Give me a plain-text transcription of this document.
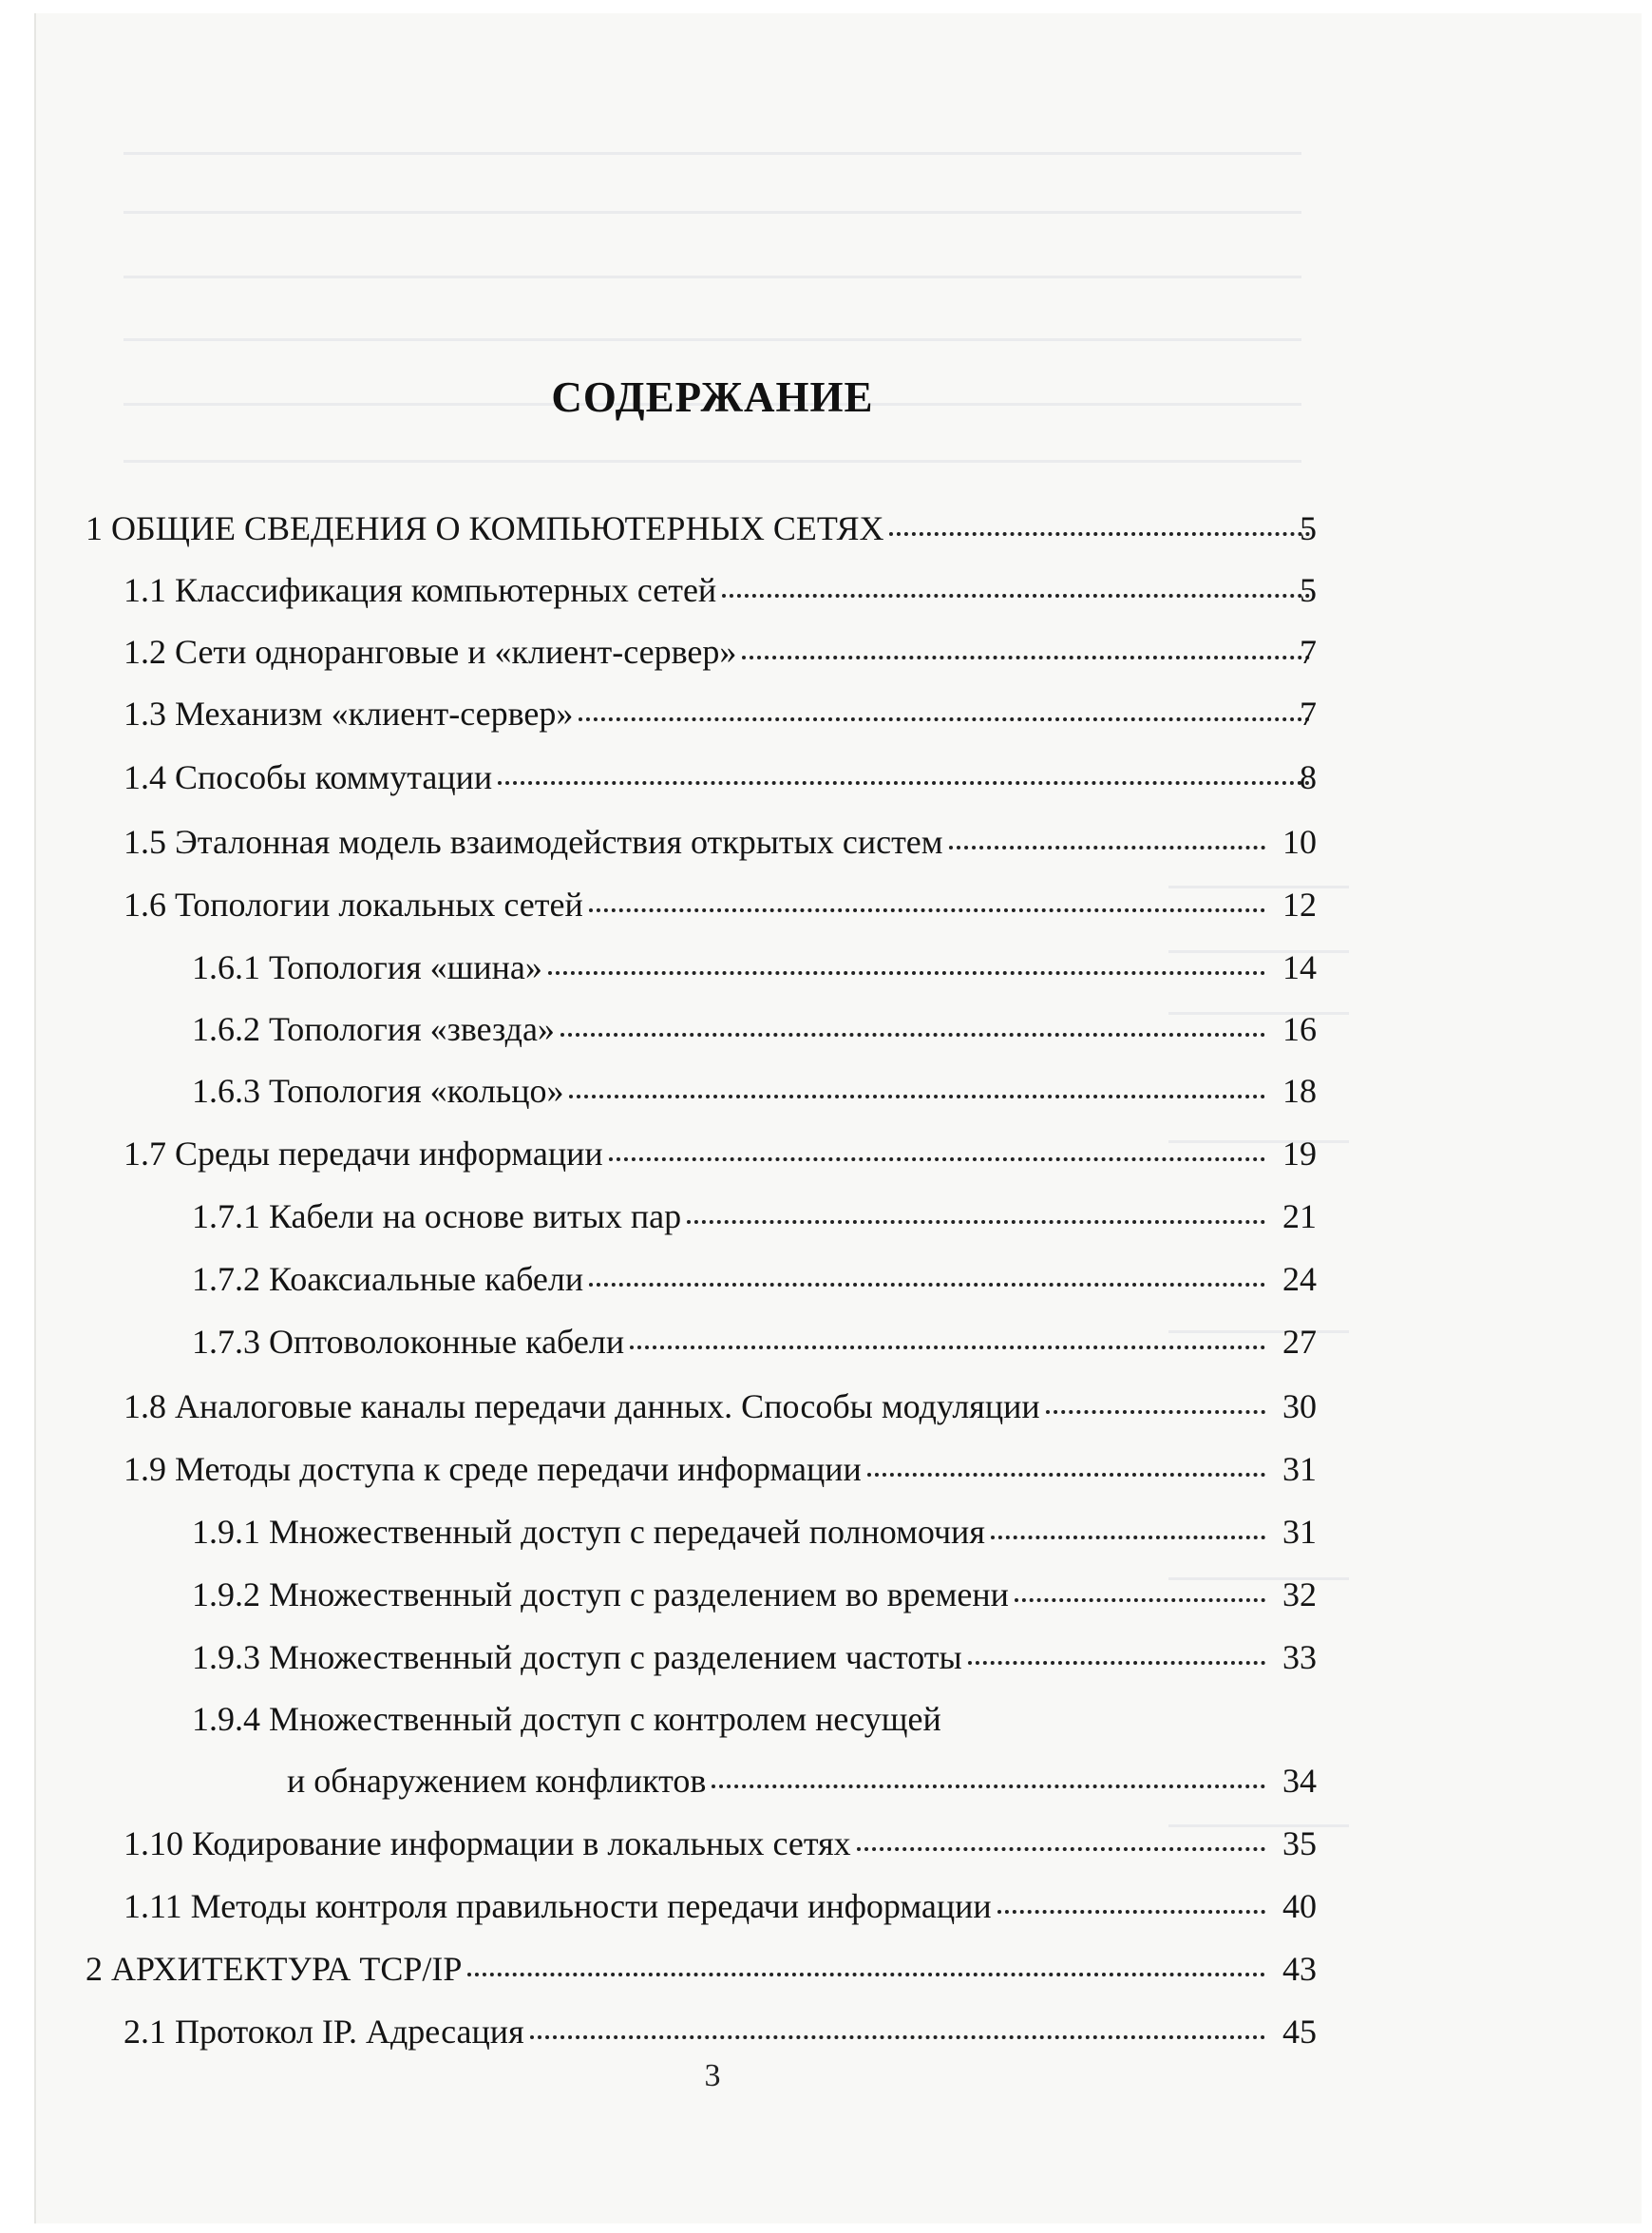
СОДЕРЖАНИЕ
1 ОБЩИЕ СВЕДЕНИЯ О КОМПЬЮТЕРНЫХ СЕТЯХ	5
1.1 Классификация компьютерных сетей	5
1.2 Сети одноранговые и «клиент-сервер»	7
1.3 Механизм «клиент-сервер»	7
1.4 Способы коммутации	8
1.5 Эталонная модель взаимодействия открытых систем	10
1.6 Топологии локальных сетей	12
1.6.1 Топология «шина»	14
1.6.2 Топология «звезда»	16
1.6.3 Топология «кольцо»	18
1.7 Среды передачи информации	19
1.7.1 Кабели на основе витых пар	21
1.7.2 Коаксиальные кабели	24
1.7.3 Оптоволоконные кабели	27
1.8 Аналоговые каналы передачи данных. Способы модуляции	30
1.9 Методы доступа к среде передачи информации	31
1.9.1 Множественный доступ с передачей полномочия	31
1.9.2 Множественный доступ с разделением во времени	32
1.9.3 Множественный доступ с разделением частоты	33
1.9.4 Множественный доступ с контролем несущей
и обнаружением конфликтов	34
1.10 Кодирование информации в локальных сетях	35
1.11 Методы контроля правильности передачи информации	40
2 АРХИТЕКТУРА TCP/IP	43
2.1 Протокол IP. Адресация	45
3
